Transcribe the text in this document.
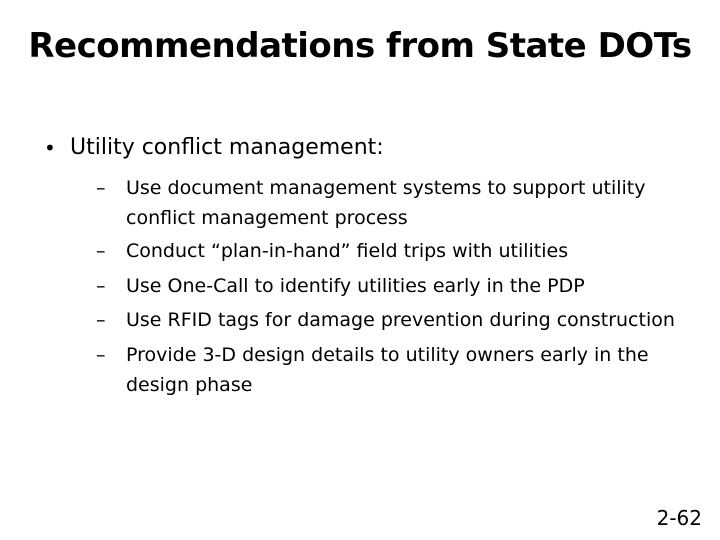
Recommendations from State DOTs
• Utility conflict management:
–	Use document management systems to support utility conflict management process
–	Conduct “plan-in-hand” field trips with utilities
–	Use One-Call to identify utilities early in the PDP
–	Use RFID tags for damage prevention during construction
–	Provide 3-D design details to utility owners early in the design phase
2-62
